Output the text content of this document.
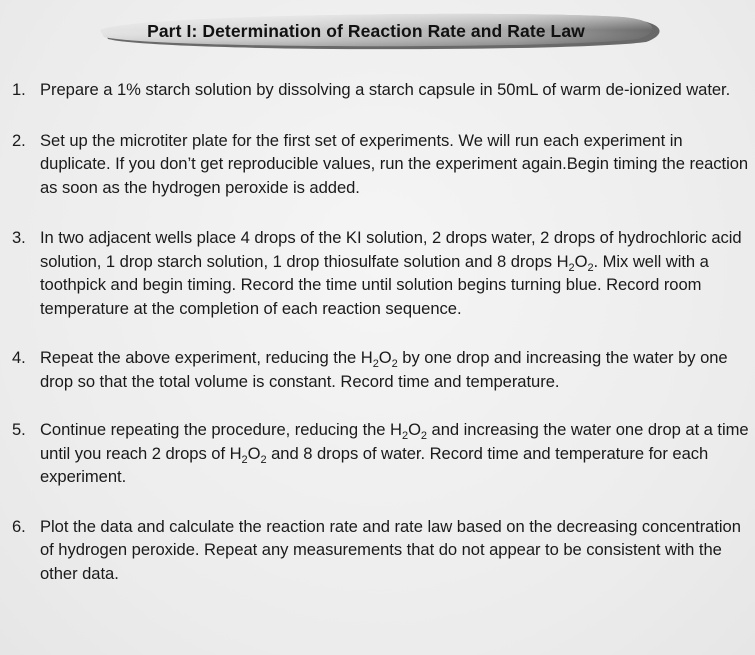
Part I: Determination of Reaction Rate and Rate Law
1. Prepare a 1% starch solution by dissolving a starch capsule in 50mL of warm de-ionized water.
2. Set up the microtiter plate for the first set of experiments. We will run each experiment in duplicate. If you don’t get reproducible values, run the experiment again.Begin timing the reaction as soon as the hydrogen peroxide is added.
3. In two adjacent wells place 4 drops of the KI solution, 2 drops water, 2 drops of hydrochloric acid solution, 1 drop starch solution, 1 drop thiosulfate solution and 8 drops $H_2O_2$. Mix well with a toothpick and begin timing. Record the time until solution begins turning blue. Record room temperature at the completion of each reaction sequence.
4. Repeat the above experiment, reducing the $H_2O_2$ by one drop and increasing the water by one drop so that the total volume is constant. Record time and temperature.
5. Continue repeating the procedure, reducing the $H_2O_2$ and increasing the water one drop at a time until you reach 2 drops of $H_2O_2$ and 8 drops of water. Record time and temperature for each experiment.
6. Plot the data and calculate the reaction rate and rate law based on the decreasing concentration of hydrogen peroxide. Repeat any measurements that do not appear to be consistent with the other data.
